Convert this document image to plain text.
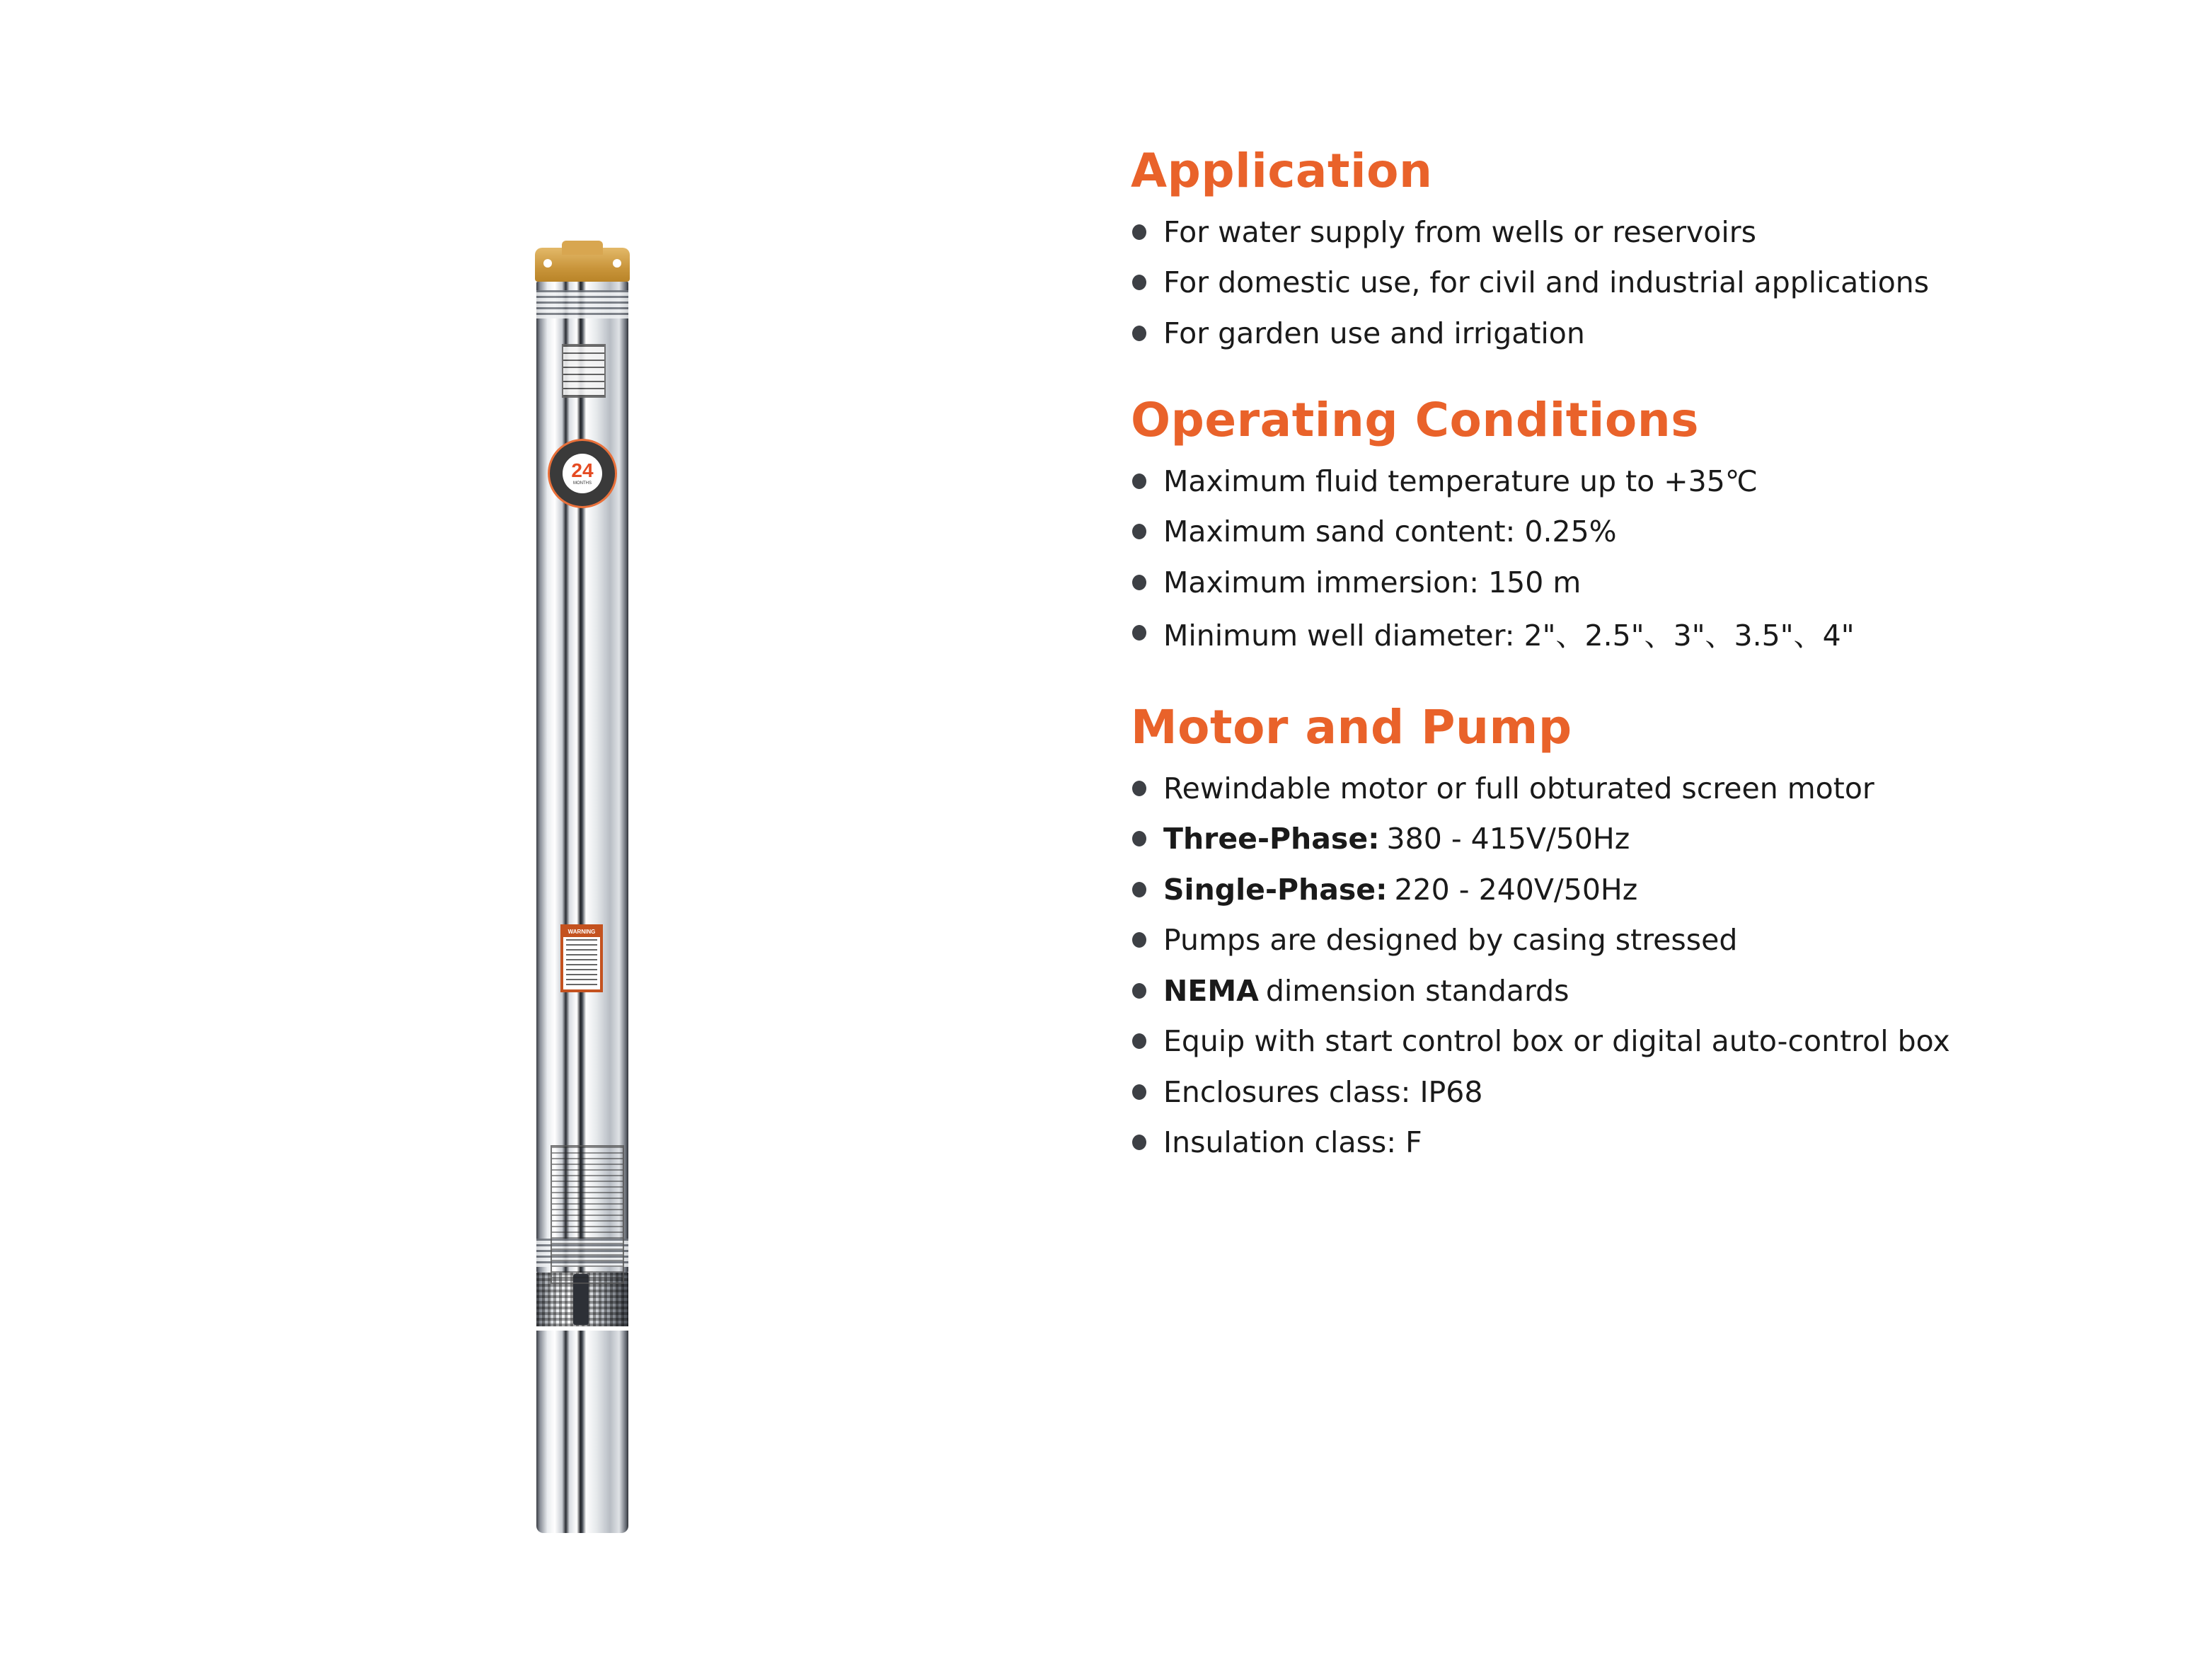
24
MONTHS
WARNING
Application
For water supply from wells or reservoirs
For domestic use, for civil and industrial applications
For garden use and irrigation
Operating Conditions
Maximum fluid temperature up to +35℃
Maximum sand content: 0.25%
Maximum immersion: 150 m
Minimum well diameter: 2"、2.5"、3"、3.5"、4"
Motor and Pump
Rewindable motor or full obturated screen motor
Three-Phase: 380 - 415V/50Hz
Single-Phase: 220 - 240V/50Hz
Pumps are designed by casing stressed
NEMA dimension standards
Equip with start control box or digital auto-control box
Enclosures class: IP68
Insulation class: F
